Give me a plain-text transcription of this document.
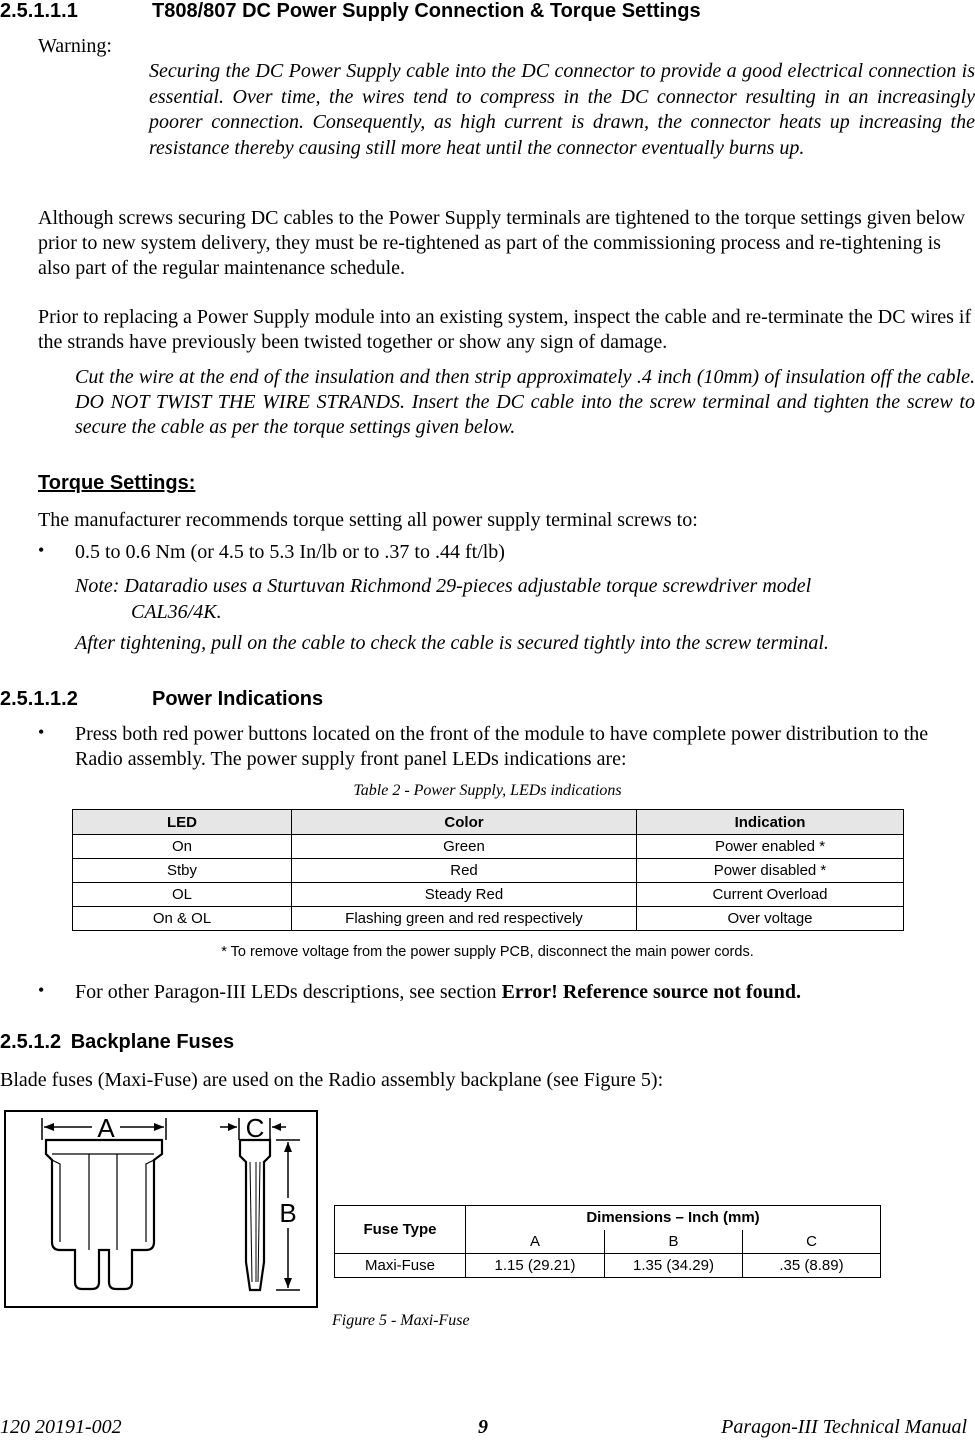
2.5.1.1.1	T808/807 DC Power Supply Connection & Torque Settings
Warning:
Securing the DC Power Supply cable into the DC connector to provide a good electrical connection is essential. Over time, the wires tend to compress in the DC connector resulting in an increasingly poorer connection. Consequently, as high current is drawn, the connector heats up increasing the resistance thereby causing still more heat until the connector eventually burns up.
Although screws securing DC cables to the Power Supply terminals are tightened to the torque settings given below prior to new system delivery, they must be re-tightened as part of the commissioning process and re-tightening is also part of the regular maintenance schedule.
Prior to replacing a Power Supply module into an existing system, inspect the cable and re-terminate the DC wires if the strands have previously been twisted together or show any sign of damage.
Cut the wire at the end of the insulation and then strip approximately .4 inch (10mm) of insulation off the cable. DO NOT TWIST THE WIRE STRANDS. Insert the DC cable into the screw terminal and tighten the screw to secure the cable as per the torque settings given below.
Torque Settings:
The manufacturer recommends torque setting all power supply terminal screws to:
• 0.5 to 0.6 Nm (or 4.5 to 5.3 In/lb or to .37 to .44 ft/lb)
Note: Dataradio uses a Sturtuvan Richmond 29-pieces adjustable torque screwdriver model
CAL36/4K.
After tightening, pull on the cable to check the cable is secured tightly into the screw terminal.
2.5.1.1.2	Power Indications
• Press both red power buttons located on the front of the module to have complete power distribution to the Radio assembly. The power supply front panel LEDs indications are:
Table 2 - Power Supply, LEDs indications
LED	Color	Indication
On	Green	Power enabled *
Stby	Red	Power disabled *
OL	Steady Red	Current Overload
On & OL	Flashing green and red respectively	Over voltage
* To remove voltage from the power supply PCB, disconnect the main power cords.
• For other Paragon-III LEDs descriptions, see section Error! Reference source not found.
2.5.1.2 Backplane Fuses
Blade fuses (Maxi-Fuse) are used on the Radio assembly backplane (see Figure 5):
A	C
B
Fuse Type	Dimensions – Inch (mm)		
	A	B	C
Maxi-Fuse	1.15 (29.21)	1.35 (34.29)	.35 (8.89)
Figure 5 - Maxi-Fuse
120 20191-002	9	Paragon-III Technical Manual
